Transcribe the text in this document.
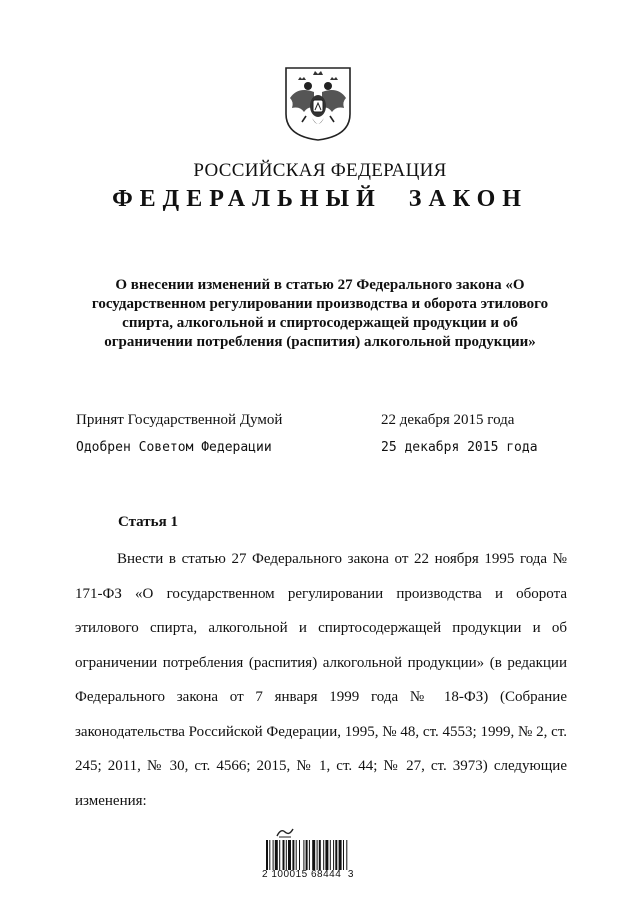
РОССИЙСКАЯ ФЕДЕРАЦИЯ
ФЕДЕРАЛЬНЫЙ ЗАКОН
О внесении изменений в статью 27 Федерального закона «О государственном регулировании производства и оборота этилового спирта, алкогольной и спиртосодержащей продукции и об ограничении потребления (распития) алкогольной продукции»
Принят Государственной Думой	22 декабря 2015 года
Одобрен Советом Федерации	25 декабря 2015 года
Статья 1

Внести в статью 27 Федерального закона от 22 ноября 1995 года № 171-ФЗ «О государственном регулировании производства и оборота этилового спирта, алкогольной и спиртосодержащей продукции и об ограничении потребления (распития) алкогольной продукции» (в редакции Федерального закона от 7 января 1999 года № 18-ФЗ) (Собрание законодательства Российской Федерации, 1995, № 48, ст. 4553; 1999, № 2, ст. 245; 2011, № 30, ст. 4566; 2015, № 1, ст. 44; № 27, ст. 3973) следующие изменения:

2 100015 68444  3
